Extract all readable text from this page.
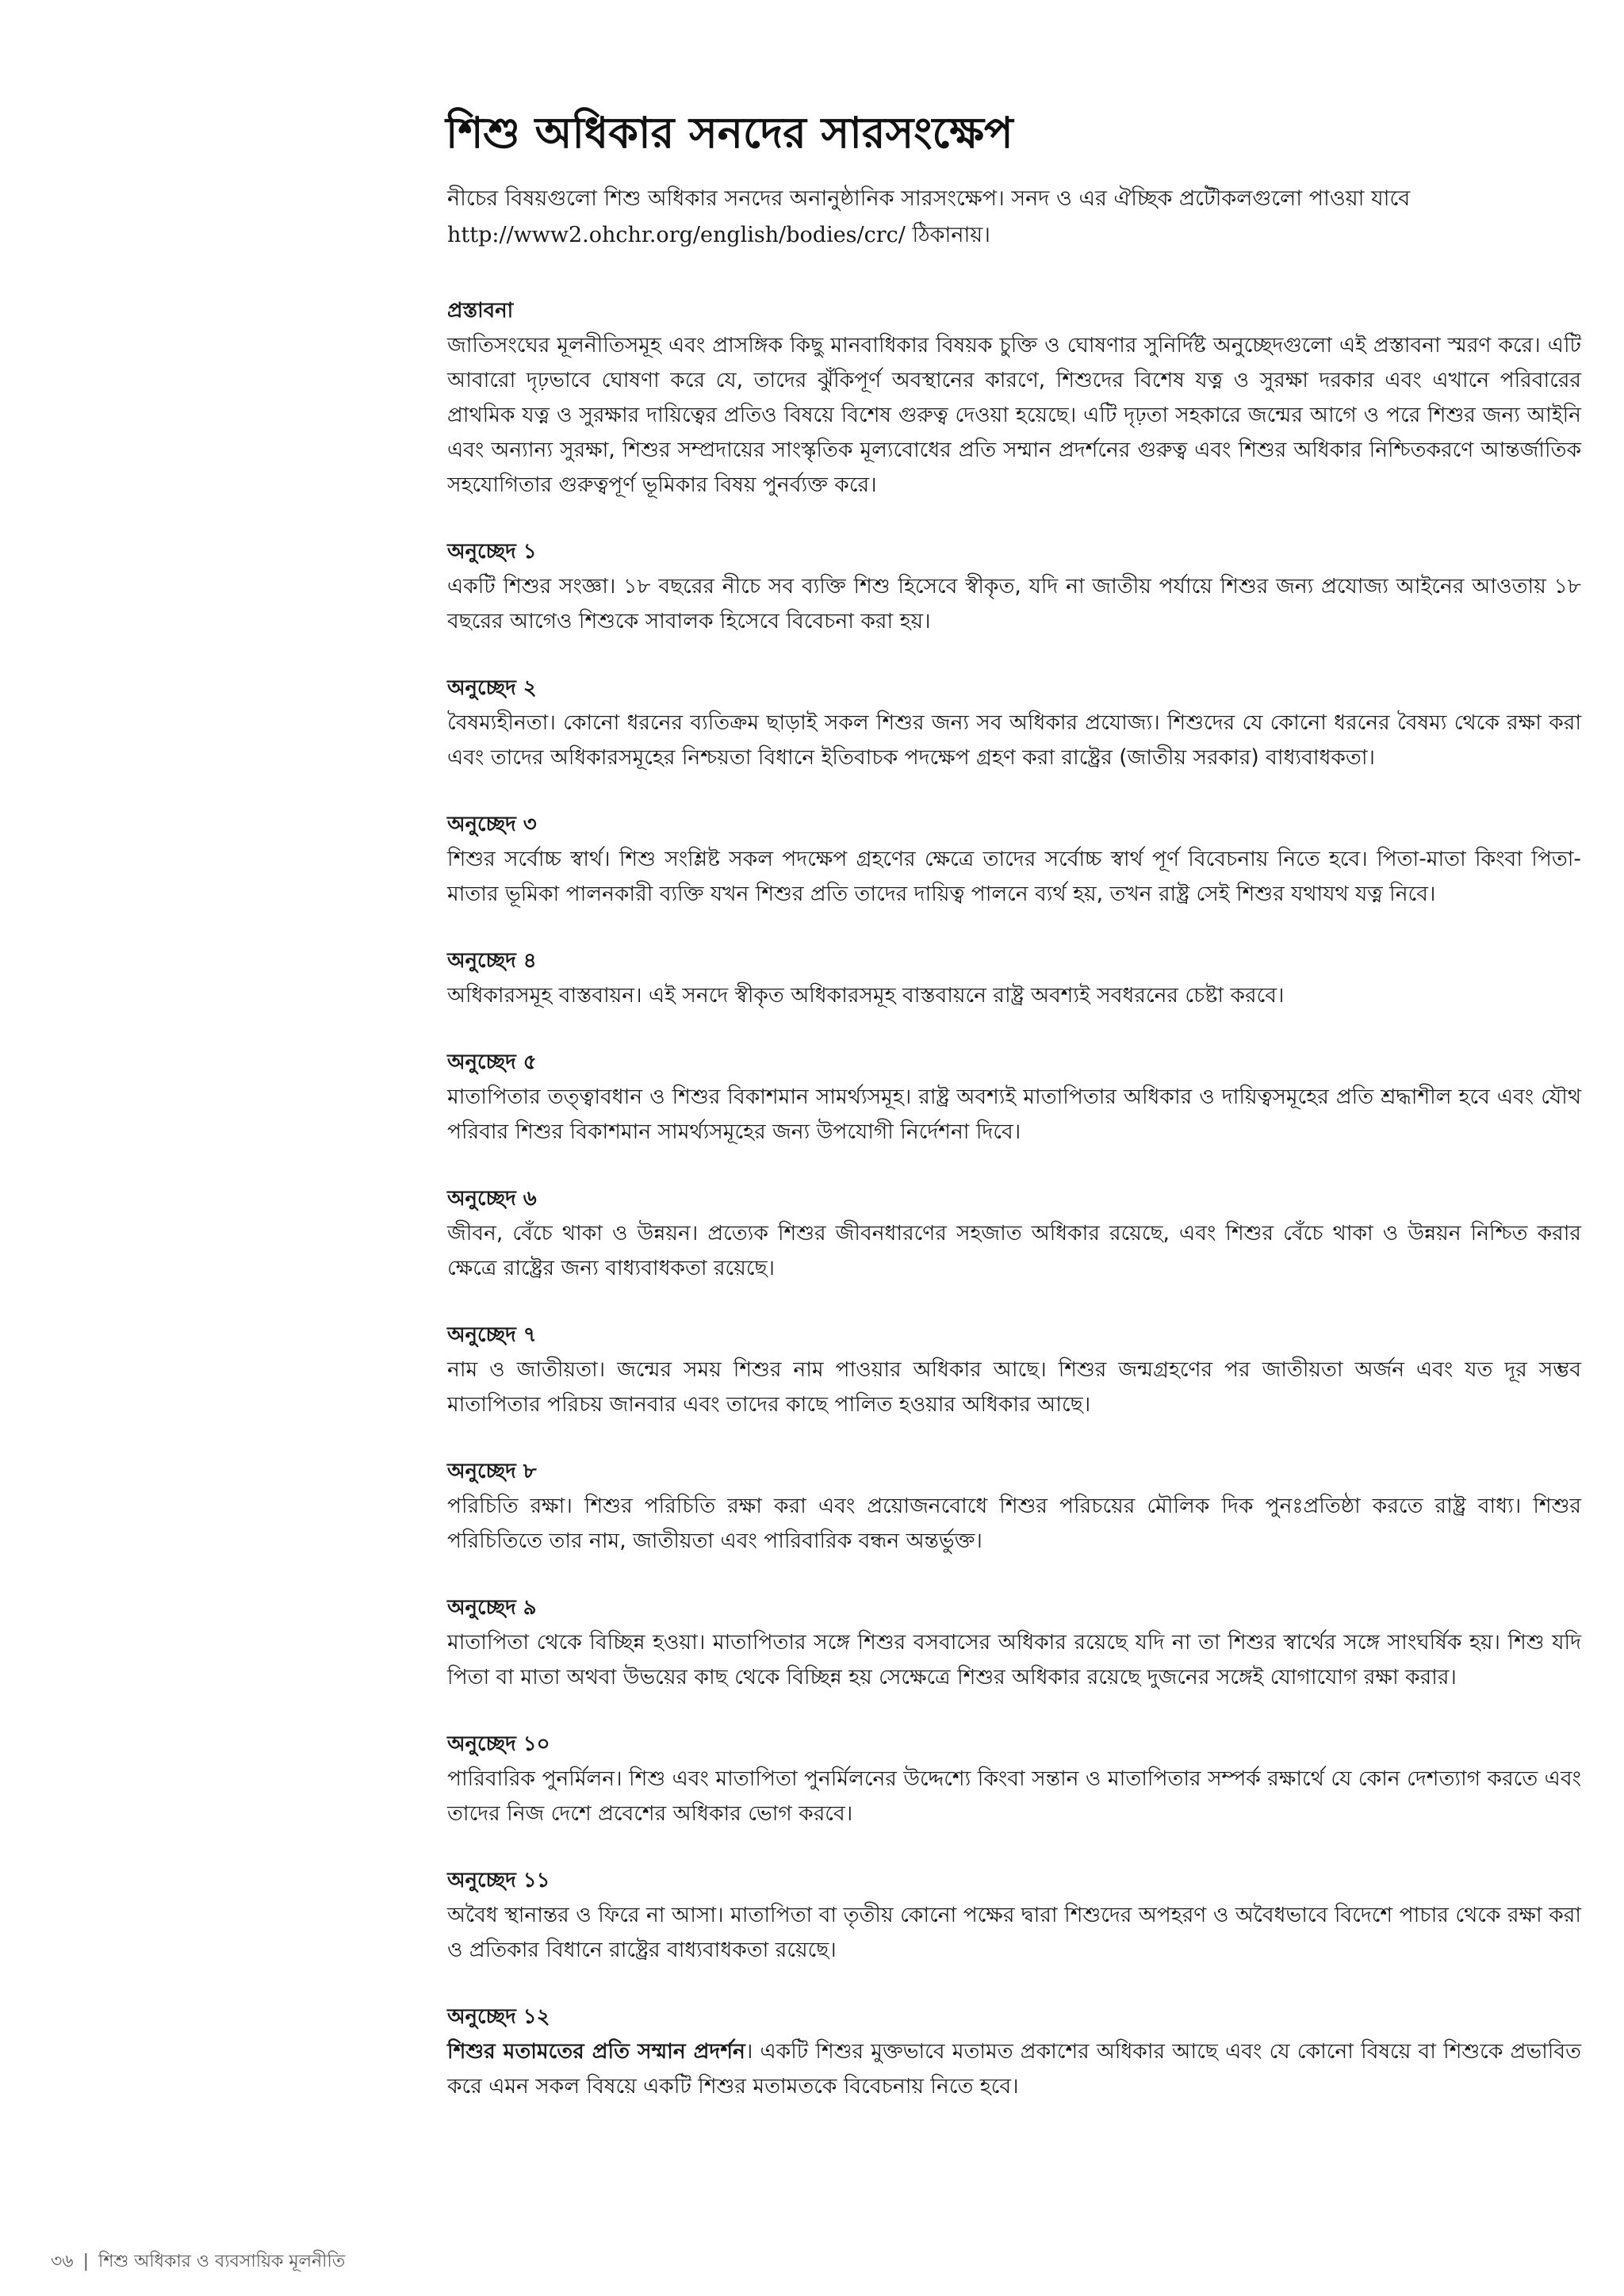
শিশু অধিকার সনদের সারসংক্ষেপ
নীচের বিষয়গুলো শিশু অধিকার সনদের অনানুষ্ঠানিক সারসংক্ষেপ। সনদ ও এর ঐচ্ছিক প্রটৌকলগুলো পাওয়া যাবে
http://www2.ohchr.org/english/bodies/crc/ ঠিকানায়।

প্রস্তাবনা

জাতিসংঘের মূলনীতিসমূহ এবং প্রাসঙ্গিক কিছু মানবাধিকার বিষয়ক চুক্তি ও ঘোষণার সুনির্দিষ্ট অনুচ্ছেদগুলো এই প্রস্তাবনা স্মরণ করে। এটি আবারো দৃঢ়ভাবে ঘোষণা করে যে, তাদের ঝুঁকিপূর্ণ অবস্থানের কারণে, শিশুদের বিশেষ যত্ন ও সুরক্ষা দরকার এবং এখানে পরিবারের প্রাথমিক যত্ন ও সুরক্ষার দায়িত্বের প্রতিও বিষয়ে বিশেষ গুরুত্ব দেওয়া হয়েছে। এটি দৃঢ়তা সহকারে জন্মের আগে ও পরে শিশুর জন্য আইনি এবং অন্যান্য সুরক্ষা, শিশুর সম্প্রদায়ের সাংস্কৃতিক মূল্যবোধের প্রতি সম্মান প্রদর্শনের গুরুত্ব এবং শিশুর অধিকার নিশ্চিতকরণে আন্তর্জাতিক সহযোগিতার গুরুত্বপূর্ণ ভূমিকার বিষয় পুনর্ব্যক্ত করে।

অনুচ্ছেদ ১

একটি শিশুর সংজ্ঞা। ১৮ বছরের নীচে সব ব্যক্তি শিশু হিসেবে স্বীকৃত, যদি না জাতীয় পর্যায়ে শিশুর জন্য প্রযোজ্য আইনের আওতায় ১৮ বছরের আগেও শিশুকে সাবালক হিসেবে বিবেচনা করা হয়।

অনুচ্ছেদ ২

বৈষম্যহীনতা। কোনো ধরনের ব্যতিক্রম ছাড়াই সকল শিশুর জন্য সব অধিকার প্রযোজ্য। শিশুদের যে কোনো ধরনের বৈষম্য থেকে রক্ষা করা এবং তাদের অধিকারসমূহের নিশ্চয়তা বিধানে ইতিবাচক পদক্ষেপ গ্রহণ করা রাষ্ট্রের (জাতীয় সরকার) বাধ্যবাধকতা।

অনুচ্ছেদ ৩

শিশুর সর্বোচ্চ স্বার্থ। শিশু সংশ্লিষ্ট সকল পদক্ষেপ গ্রহণের ক্ষেত্রে তাদের সর্বোচ্চ স্বার্থ পূর্ণ বিবেচনায় নিতে হবে। পিতা-মাতা কিংবা পিতা-মাতার ভূমিকা পালনকারী ব্যক্তি যখন শিশুর প্রতি তাদের দায়িত্ব পালনে ব্যর্থ হয়, তখন রাষ্ট্র সেই শিশুর যথাযথ যত্ন নিবে।

অনুচ্ছেদ ৪

অধিকারসমূহ বাস্তবায়ন। এই সনদে স্বীকৃত অধিকারসমূহ বাস্তবায়নে রাষ্ট্র অবশ্যই সবধরনের চেষ্টা করবে।

অনুচ্ছেদ ৫

মাতাপিতার তত্ত্বাবধান ও শিশুর বিকাশমান সামর্থ্যসমূহ। রাষ্ট্র অবশ্যই মাতাপিতার অধিকার ও দায়িত্বসমূহের প্রতি শ্রদ্ধাশীল হবে এবং যৌথ পরিবার শিশুর বিকাশমান সামর্থ্যসমূহের জন্য উপযোগী নির্দেশনা দিবে।

অনুচ্ছেদ ৬

জীবন, বেঁচে থাকা ও উন্নয়ন। প্রত্যেক শিশুর জীবনধারণের সহজাত অধিকার রয়েছে, এবং শিশুর বেঁচে থাকা ও উন্নয়ন নিশ্চিত করার ক্ষেত্রে রাষ্ট্রের জন্য বাধ্যবাধকতা রয়েছে।

অনুচ্ছেদ ৭

নাম ও জাতীয়তা। জন্মের সময় শিশুর নাম পাওয়ার অধিকার আছে। শিশুর জন্মগ্রহণের পর জাতীয়তা অর্জন এবং যত দূর সম্ভব মাতাপিতার পরিচয় জানবার এবং তাদের কাছে পালিত হওয়ার অধিকার আছে।

অনুচ্ছেদ ৮

পরিচিতি রক্ষা। শিশুর পরিচিতি রক্ষা করা এবং প্রয়োজনবোধে শিশুর পরিচয়ের মৌলিক দিক পুনঃপ্রতিষ্ঠা করতে রাষ্ট্র বাধ্য। শিশুর পরিচিতিতে তার নাম, জাতীয়তা এবং পারিবারিক বন্ধন অন্তর্ভুক্ত।

অনুচ্ছেদ ৯

মাতাপিতা থেকে বিচ্ছিন্ন হওয়া। মাতাপিতার সঙ্গে শিশুর বসবাসের অধিকার রয়েছে যদি না তা শিশুর স্বার্থের সঙ্গে সাংঘর্ষিক হয়। শিশু যদি পিতা বা মাতা অথবা উভয়ের কাছ থেকে বিচ্ছিন্ন হয় সেক্ষেত্রে শিশুর অধিকার রয়েছে দুজনের সঙ্গেই যোগাযোগ রক্ষা করার।

অনুচ্ছেদ ১০

পারিবারিক পুনর্মিলন। শিশু এবং মাতাপিতা পুনর্মিলনের উদ্দেশ্যে কিংবা সন্তান ও মাতাপিতার সম্পর্ক রক্ষার্থে যে কোন দেশত্যাগ করতে এবং তাদের নিজ দেশে প্রবেশের অধিকার ভোগ করবে।

অনুচ্ছেদ ১১

অবৈধ স্থানান্তর ও ফিরে না আসা। মাতাপিতা বা তৃতীয় কোনো পক্ষের দ্বারা শিশুদের অপহরণ ও অবৈধভাবে বিদেশে পাচার থেকে রক্ষা করা ও প্রতিকার বিধানে রাষ্ট্রের বাধ্যবাধকতা রয়েছে।

অনুচ্ছেদ ১২

শিশুর মতামতের প্রতি সম্মান প্রদর্শন। একটি শিশুর মুক্তভাবে মতামত প্রকাশের অধিকার আছে এবং যে কোনো বিষয়ে বা শিশুকে প্রভাবিত করে এমন সকল বিষয়ে একটি শিশুর মতামতকে বিবেচনায় নিতে হবে।

৩৬ | শিশু অধিকার ও ব্যবসায়িক মূলনীতি
